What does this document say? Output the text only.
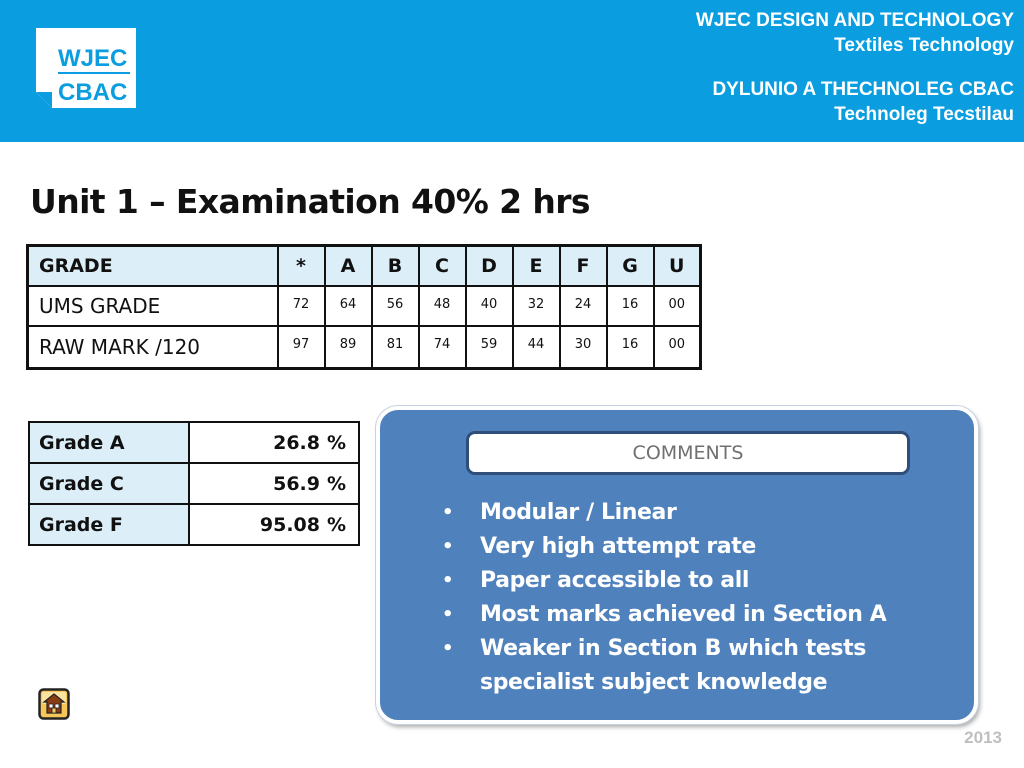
WJEC
CBAC
WJEC DESIGN AND TECHNOLOGY
Textiles Technology
DYLUNIO A THECHNOLEG CBAC
Technoleg Tecstilau
Unit 1 – Examination 40% 2 hrs
GRADE	*	A	B	C	D	E	F	G	U
UMS GRADE	72	64	56	48	40	32	24	16	00
RAW MARK /120	97	89	81	74	59	44	30	16	00
Grade A	26.8 %
Grade C	56.9 %
Grade F	95.08 %
COMMENTS
• Modular / Linear
• Very high attempt rate
• Paper accessible to all
• Most marks achieved in Section A
• Weaker in Section B which tests specialist subject knowledge
2013
